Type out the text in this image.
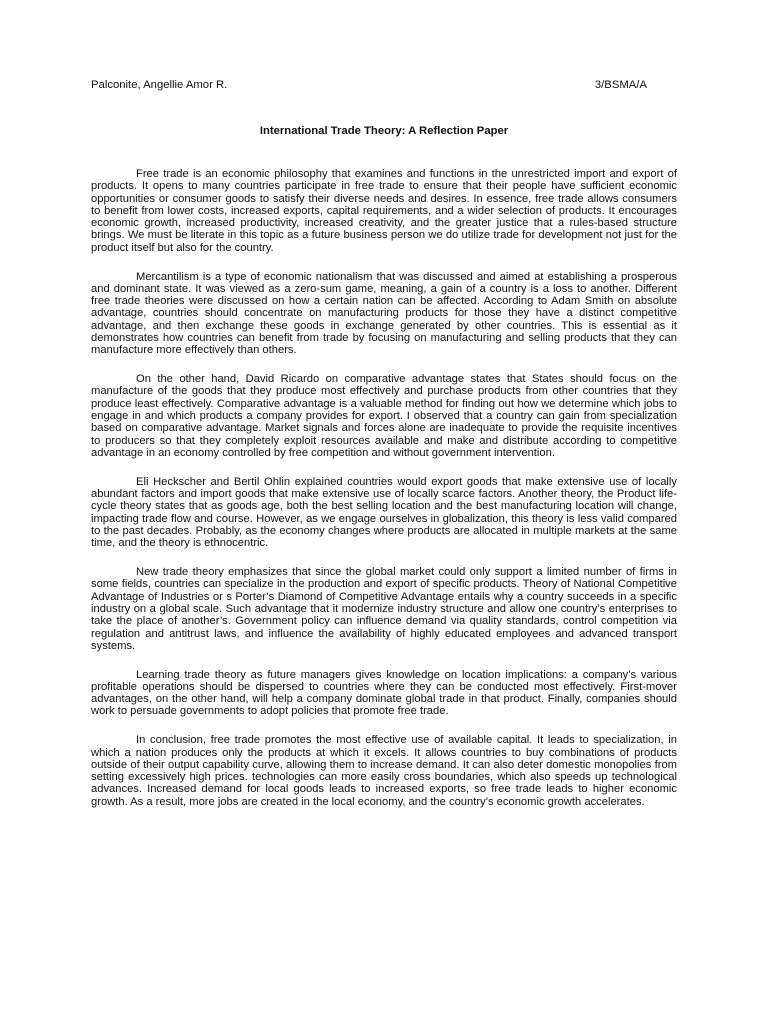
Palconite, Angellie Amor R.	3/BSMA/A
International Trade Theory: A Reflection Paper

Free trade is an economic philosophy that examines and functions in the unrestricted import and export of products. It opens to many countries participate in free trade to ensure that their people have sufficient economic opportunities or consumer goods to satisfy their diverse needs and desires. In essence, free trade allows consumers to benefit from lower costs, increased exports, capital requirements, and a wider selection of products. It encourages economic growth, increased productivity, increased creativity, and the greater justice that a rules-based structure brings. We must be literate in this topic as a future business person we do utilize trade for development not just for the product itself but also for the country.

Mercantilism is a type of economic nationalism that was discussed and aimed at establishing a prosperous and dominant state. It was viewed as a zero-sum game, meaning, a gain of a country is a loss to another. Different free trade theories were discussed on how a certain nation can be affected. According to Adam Smith on absolute advantage, countries should concentrate on manufacturing products for those they have a distinct competitive advantage, and then exchange these goods in exchange generated by other countries. This is essential as it demonstrates how countries can benefit from trade by focusing on manufacturing and selling products that they can manufacture more effectively than others.

On the other hand, David Ricardo on comparative advantage states that States should focus on the manufacture of the goods that they produce most effectively and purchase products from other countries that they produce least effectively. Comparative advantage is a valuable method for finding out how we determine which jobs to engage in and which products a company provides for export. I observed that a country can gain from specialization based on comparative advantage. Market signals and forces alone are inadequate to provide the requisite incentives to producers so that they completely exploit resources available and make and distribute according to competitive advantage in an economy controlled by free competition and without government intervention.

Eli Heckscher and Bertil Ohlin explained countries would export goods that make extensive use of locally abundant factors and import goods that make extensive use of locally scarce factors. Another theory, the Product life-cycle theory states that as goods age, both the best selling location and the best manufacturing location will change, impacting trade flow and course. However, as we engage ourselves in globalization, this theory is less valid compared to the past decades. Probably, as the economy changes where products are allocated in multiple markets at the same time, and the theory is ethnocentric.

New trade theory emphasizes that since the global market could only support a limited number of firms in some fields, countries can specialize in the production and export of specific products. Theory of National Competitive Advantage of Industries or s Porter’s Diamond of Competitive Advantage entails why a country succeeds in a specific industry on a global scale. Such advantage that it modernize industry structure and allow one country’s enterprises to take the place of another’s. Government policy can influence demand via quality standards, control competition via regulation and antitrust laws, and influence the availability of highly educated employees and advanced transport systems.

Learning trade theory as future managers gives knowledge on location implications: a company’s various profitable operations should be dispersed to countries where they can be conducted most effectively. First-mover advantages, on the other hand, will help a company dominate global trade in that product. Finally, companies should work to persuade governments to adopt policies that promote free trade.

In conclusion, free trade promotes the most effective use of available capital. It leads to specialization, in which a nation produces only the products at which it excels. It allows countries to buy combinations of products outside of their output capability curve, allowing them to increase demand. It can also deter domestic monopolies from setting excessively high prices. technologies can more easily cross boundaries, which also speeds up technological advances. Increased demand for local goods leads to increased exports, so free trade leads to higher economic growth. As a result, more jobs are created in the local economy, and the country’s economic growth accelerates.
